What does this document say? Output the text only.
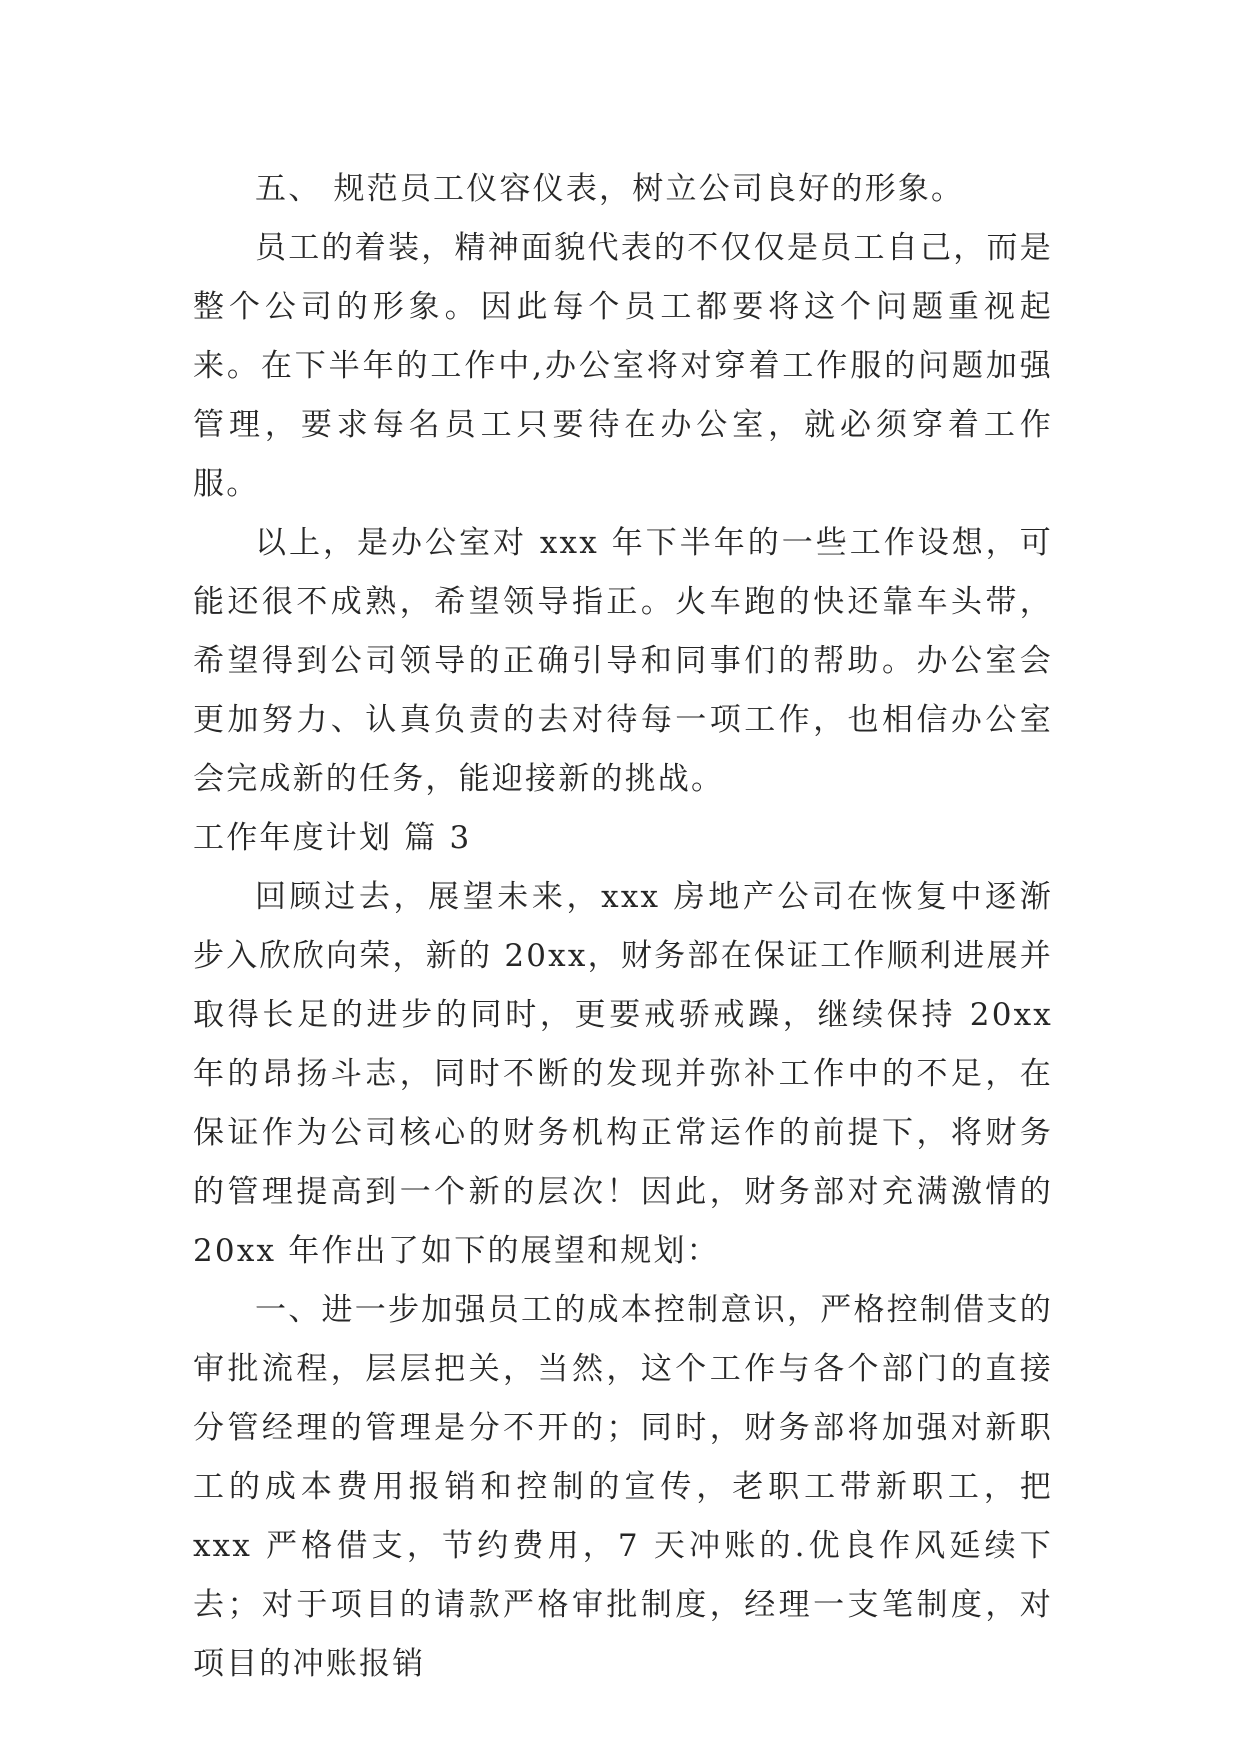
五、 规范员工仪容仪表，树立公司良好的形象。

员工的着装，精神面貌代表的不仅仅是员工自己，而是整个公司的形象。因此每个员工都要将这个问题重视起来。在下半年的工作中,办公室将对穿着工作服的问题加强管理，要求每名员工只要待在办公室，就必须穿着工作服。

以上，是办公室对 xxx 年下半年的一些工作设想，可能还很不成熟，希望领导指正。火车跑的快还靠车头带，希望得到公司领导的正确引导和同事们的帮助。办公室会更加努力、认真负责的去对待每一项工作，也相信办公室会完成新的任务，能迎接新的挑战。

工作年度计划 篇 3

回顾过去，展望未来，xxx 房地产公司在恢复中逐渐步入欣欣向荣，新的 20xx，财务部在保证工作顺利进展并取得长足的进步的同时，更要戒骄戒躁，继续保持 20xx 年的昂扬斗志，同时不断的发现并弥补工作中的不足，在保证作为公司核心的财务机构正常运作的前提下，将财务的管理提高到一个新的层次！因此，财务部对充满激情的 20xx 年作出了如下的展望和规划：

一、进一步加强员工的成本控制意识，严格控制借支的审批流程，层层把关，当然，这个工作与各个部门的直接分管经理的管理是分不开的；同时，财务部将加强对新职工的成本费用报销和控制的宣传，老职工带新职工，把 xxx 严格借支，节约费用，7 天冲账的.优良作风延续下去；对于项目的请款严格审批制度，经理一支笔制度，对项目的冲账报销
